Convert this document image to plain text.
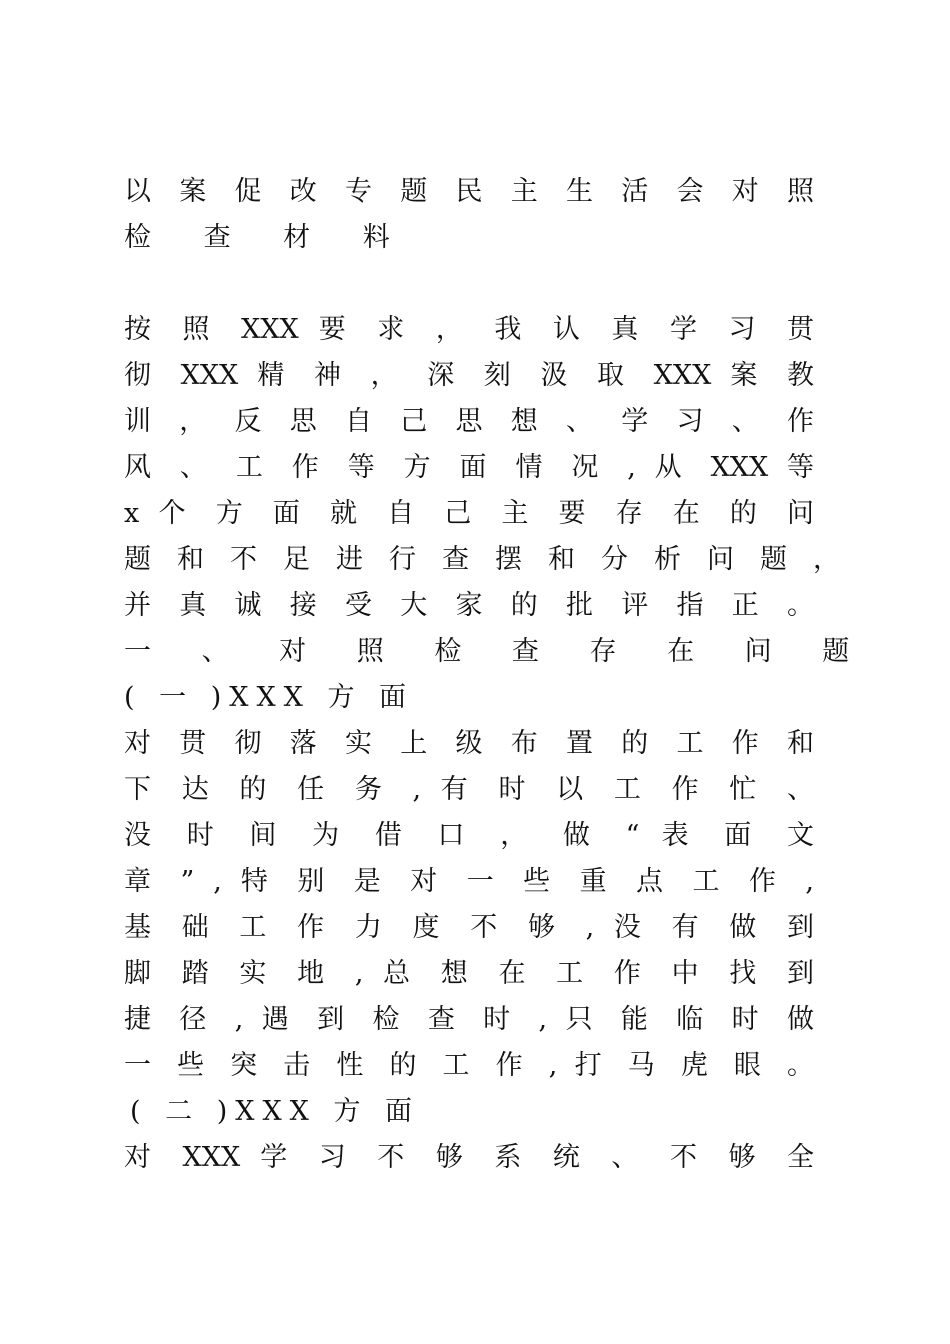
以 案 促 改 专 题 民 主 生 活 会 对 照
检 查 材 料
按 照 XXX 要 求 ， 我 认 真 学 习 贯
彻 XXX 精 神 ， 深 刻 汲 取 XXX 案 教
训 ， 反 思 自 己 思 想 、 学 习 、 作
风 、 工 作 等 方 面 情 况 , 从 XXX 等
x 个 方 面 就 自 己 主 要 存 在 的 问
题 和 不 足 进 行 查 摆 和 分 析 问 题 ，
并 真 诚 接 受 大 家 的 批 评 指 正 。
一 、 对 照 检 查 存 在 问 题
( 一 )XXX 方 面
对 贯 彻 落 实 上 级 布 置 的 工 作 和
下 达 的 任 务 , 有 时 以 工 作 忙 、
没 时 间 为 借 口 ， 做 “ 表 面 文
章 ” , 特 别 是 对 一 些 重 点 工 作 ,
基 础 工 作 力 度 不 够 , 没 有 做 到
脚 踏 实 地 , 总 想 在 工 作 中 找 到
捷 径 , 遇 到 检 查 时 , 只 能 临 时 做
一 些 突 击 性 的 工 作 , 打 马 虎 眼 。
( 二 )XXX 方 面
对 XXX 学 习 不 够 系 统 、 不 够 全
